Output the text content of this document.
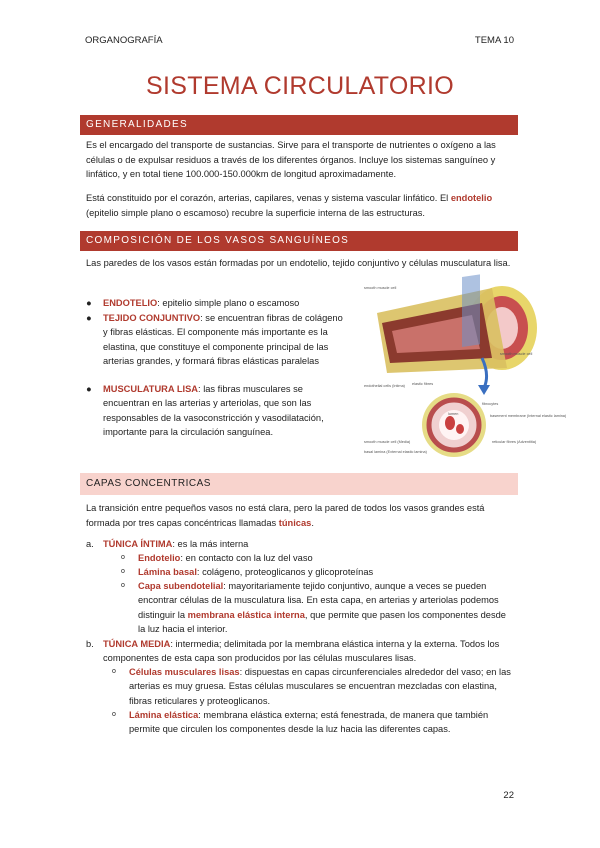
ORGANOGRAFÍA	TEMA 10
SISTEMA CIRCULATORIO
GENERALIDADES
Es el encargado del transporte de sustancias. Sirve para el transporte de nutrientes o oxígeno a las células o de expulsar residuos a través de los diferentes órganos. Incluye los sistemas sanguíneo y linfático, y en total tiene 100.000-150.000km de longitud aproximadamente.
Está constituido por el corazón, arterias, capilares, venas y sistema vascular linfático. El endotelio (epitelio simple plano o escamoso) recubre la superficie interna de las estructuras.
COMPOSICIÓN DE LOS VASOS SANGUÍNEOS
Las paredes de los vasos están formadas por un endotelio, tejido conjuntivo y células musculatura lisa.
● ENDOTELIO: epitelio simple plano o escamoso
● TEJIDO CONJUNTIVO: se encuentran fibras de colágeno y fibras elásticas. El componente más importante es la elastina, que constituye el componente principal de las arterias grandes, y formará fibras elásticas paralelas
● MUSCULATURA LISA: las fibras musculares se encuentran en las arterias y arteriolas, que son las responsables de la vasoconstricción y vasodilatación, importante para la circulación sanguínea.
smooth muscle cell
elastic fibres
endothelial cells (Intima)
smooth muscle cell (Media)
fibrocytes
lumen	basement membrane (Internal elastic lamina)
reticular fibres (Adventitia)
smooth muscle cell
basal lamina (External elastic lamina)
CAPAS CONCENTRICAS
La transición entre pequeños vasos no está clara, pero la pared de todos los vasos grandes está formada por tres capas concéntricas llamadas túnicas.
a. TÚNICA ÍNTIMA: es la más interna
o Endotelio: en contacto con la luz del vaso
o Lámina basal: colágeno, proteoglicanos y glicoproteínas
o Capa subendotelial: mayoritariamente tejido conjuntivo, aunque a veces se pueden encontrar células de la musculatura lisa. En esta capa, en arterias y arteriolas podemos distinguir la membrana elástica interna, que permite que pasen los componentes desde la luz hacia el interior.
b. TÚNICA MEDIA: intermedia; delimitada por la membrana elástica interna y la externa. Todos los componentes de esta capa son producidos por las células musculares lisas.
o Células musculares lisas: dispuestas en capas circunferenciales alrededor del vaso; en las arterias es muy gruesa. Estas células musculares se encuentran mezcladas con elastina, fibras reticulares y proteoglicanos.
o Lámina elástica: membrana elástica externa; está fenestrada, de manera que también permite que circulen los componentes desde la luz hacia las diferentes capas.
22
